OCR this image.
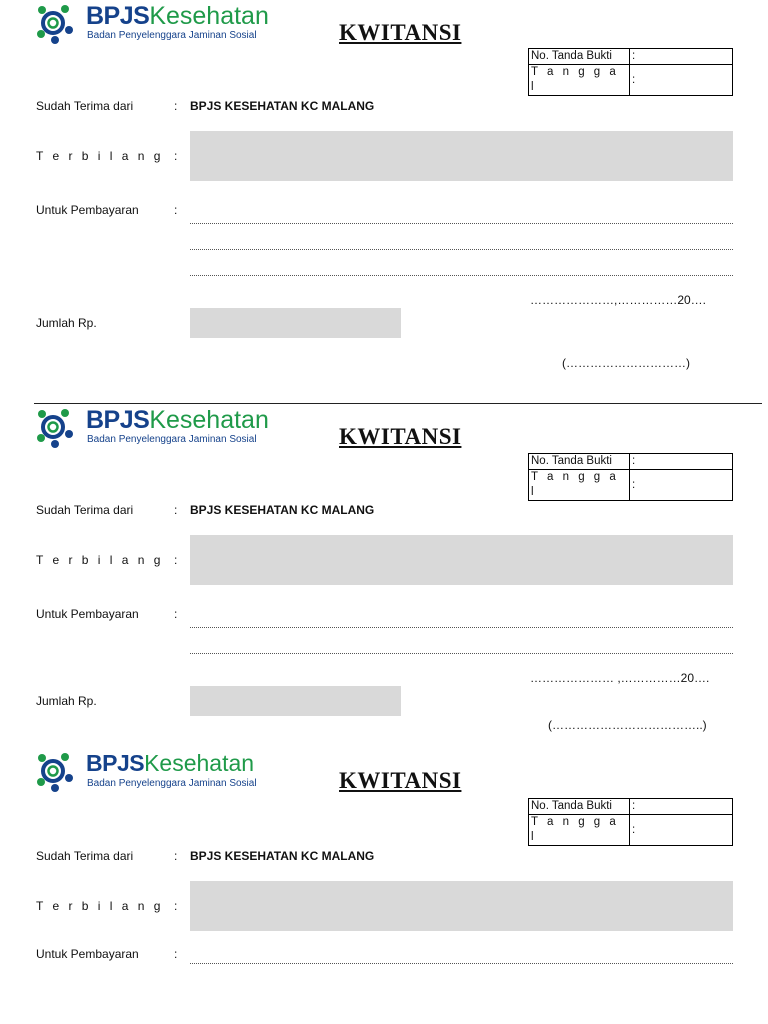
BPJSKesehatan
Badan Penyelenggara Jaminan Sosial	KWITANSI
No. Tanda Bukti	:
T a n g g a l	:
Sudah Terima dari	: BPJS KESEHATAN KC MALANG
T e r b i l a n g :
Untuk Pembayaran	:
…………………,……………20….
Jumlah Rp.
(…………………………)
BPJSKesehatan
Badan Penyelenggara Jaminan Sosial	KWITANSI
No. Tanda Bukti	:
T a n g g a l	:
Sudah Terima dari	: BPJS KESEHATAN KC MALANG
T e r b i l a n g :
Untuk Pembayaran	:
………………… ,……………20….
Jumlah Rp.
(………………………………..)
BPJSKesehatan
Badan Penyelenggara Jaminan Sosial	KWITANSI
No. Tanda Bukti	:
T a n g g a l	:
Sudah Terima dari	: BPJS KESEHATAN KC MALANG
T e r b i l a n g :
Untuk Pembayaran	:
